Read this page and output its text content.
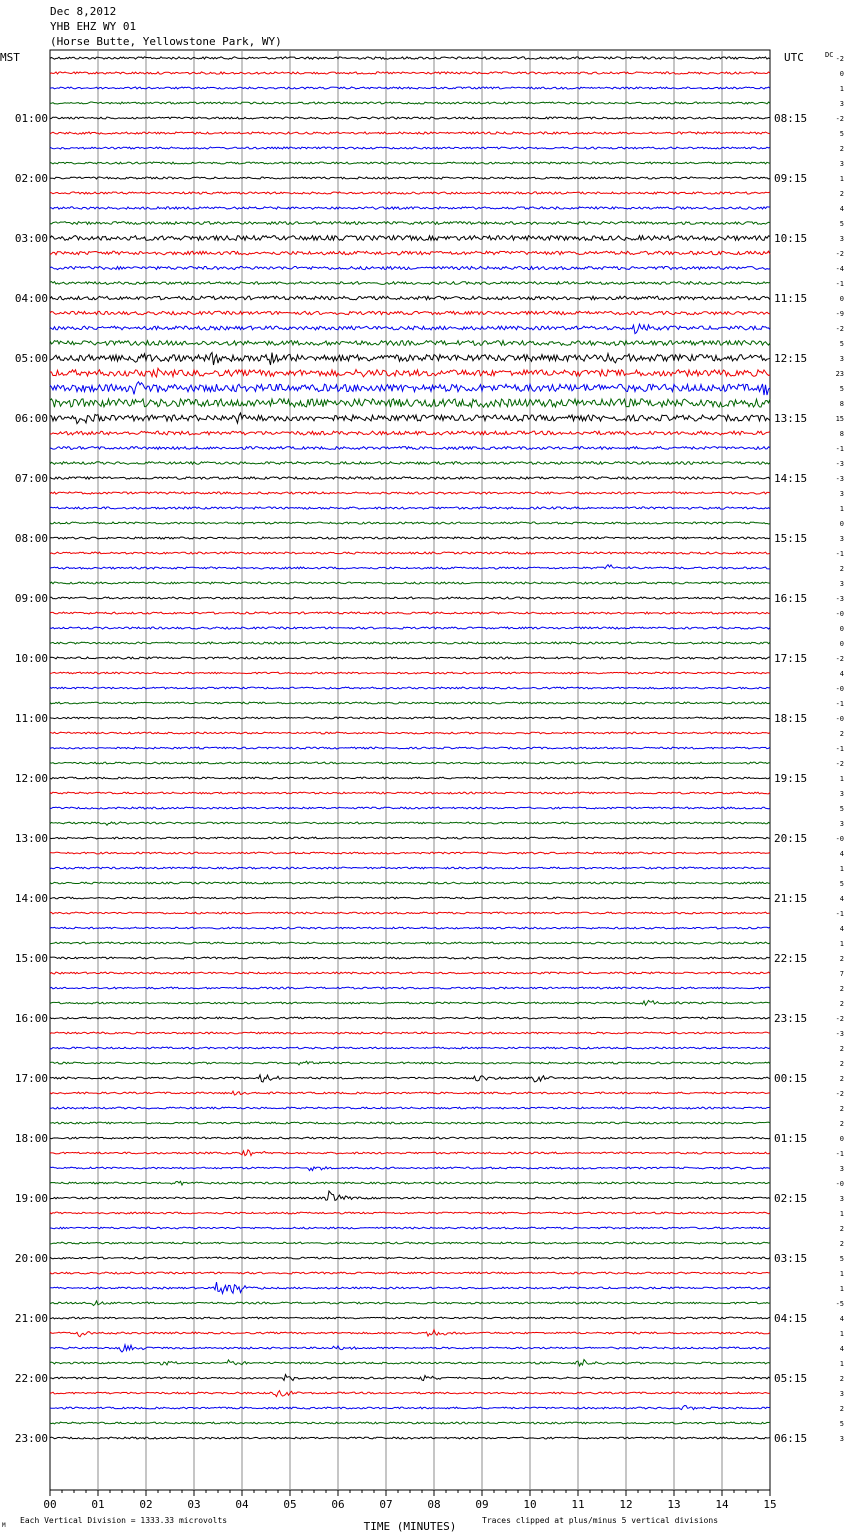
Dec 8,2012
YHB EHZ WY 01
(Horse Butte, Yellowstone Park, WY)
MST	UTC	DC
01:00
02:00
03:00
04:00
05:00
06:00
07:00
08:00
09:00
10:00
11:00
12:00
13:00
14:00
15:00
16:00
17:00
18:00
19:00
20:00
21:00
22:00
23:00
08:15
09:15
10:15
11:15
12:15
13:15
14:15
15:15
16:15
17:15
18:15
19:15
20:15
21:15
22:15
23:15
00:15
01:15
02:15
03:15
04:15
05:15
06:15
-2
0
1
3
-2
5
2
3
1
2
4
5
3
-2
-4
-1
0
-9
-2
5
3
23
5
8
15
8
-1
-3
-3
3
1
0
3
-1
2
3
-3
-0
0
0
-2
4
-0
-1
-0
2
-1
-2
1
3
5
3
-0
4
1
5
4
-1
4
1
2
7
2
2
-2
-3
2
2
2
-2
2
2
0
-1
3
-0
3
1
2
2
5
1
1
-5
4
1
4
1
2
3
2
5
3
00	01	02	03	04	05	06	07	08	09	10	11	12	13	14	15
TIME (MINUTES)
Each Vertical Division = 1333.33 microvolts	Traces clipped at plus/minus 5 vertical divisions
M
